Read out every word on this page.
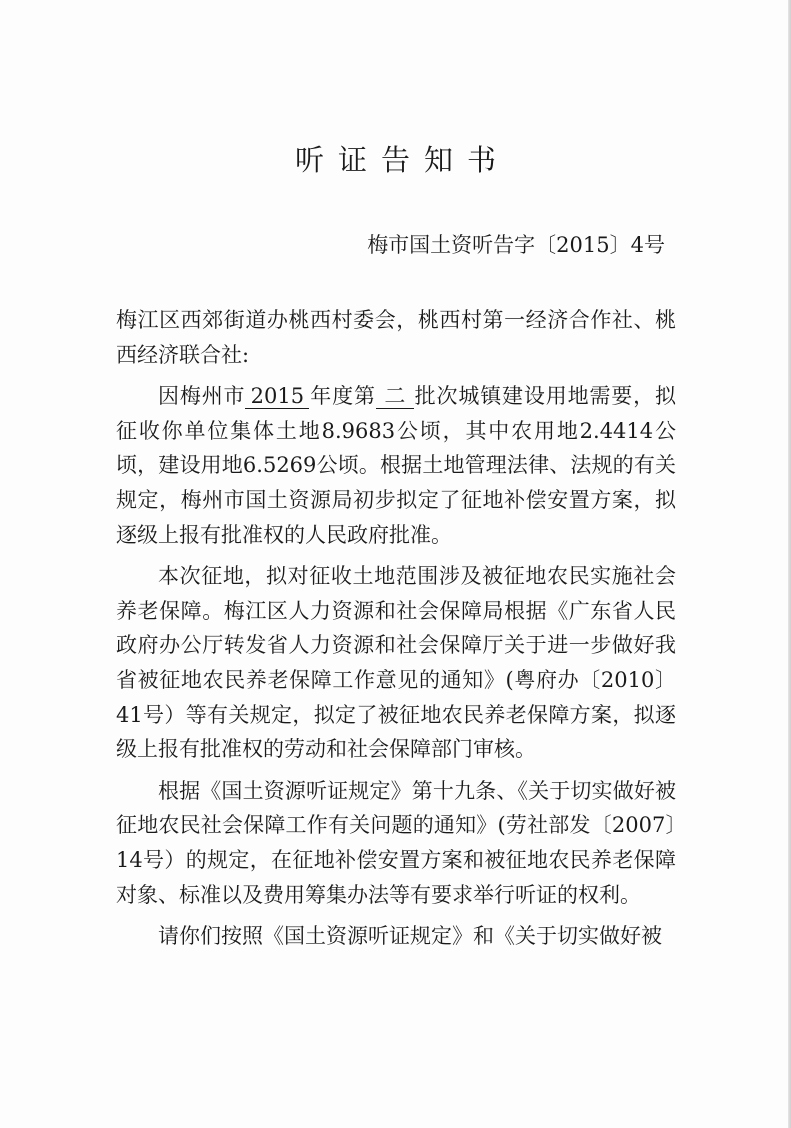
听证告知书
梅市国土资听告字〔2015〕4号

梅江区西郊街道办桃西村委会，桃西村第一经济合作社、桃西经济联合社:

因梅州市 2015 年度第 二 批次城镇建设用地需要，拟征收你单位集体土地8.9683公顷，其中农用地2.4414公顷，建设用地6.5269公顷。根据土地管理法律、法规的有关规定，梅州市国土资源局初步拟定了征地补偿安置方案，拟逐级上报有批准权的人民政府批准。

本次征地，拟对征收土地范围涉及被征地农民实施社会养老保障。梅江区人力资源和社会保障局根据《广东省人民政府办公厅转发省人力资源和社会保障厅关于进一步做好我省被征地农民养老保障工作意见的通知》(粤府办〔2010〕41号）等有关规定，拟定了被征地农民养老保障方案，拟逐级上报有批准权的劳动和社会保障部门审核。

根据《国土资源听证规定》第十九条、《关于切实做好被征地农民社会保障工作有关问题的通知》(劳社部发〔2007〕14号）的规定，在征地补偿安置方案和被征地农民养老保障对象、标准以及费用筹集办法等有要求举行听证的权利。

请你们按照《国土资源听证规定》和《关于切实做好被
